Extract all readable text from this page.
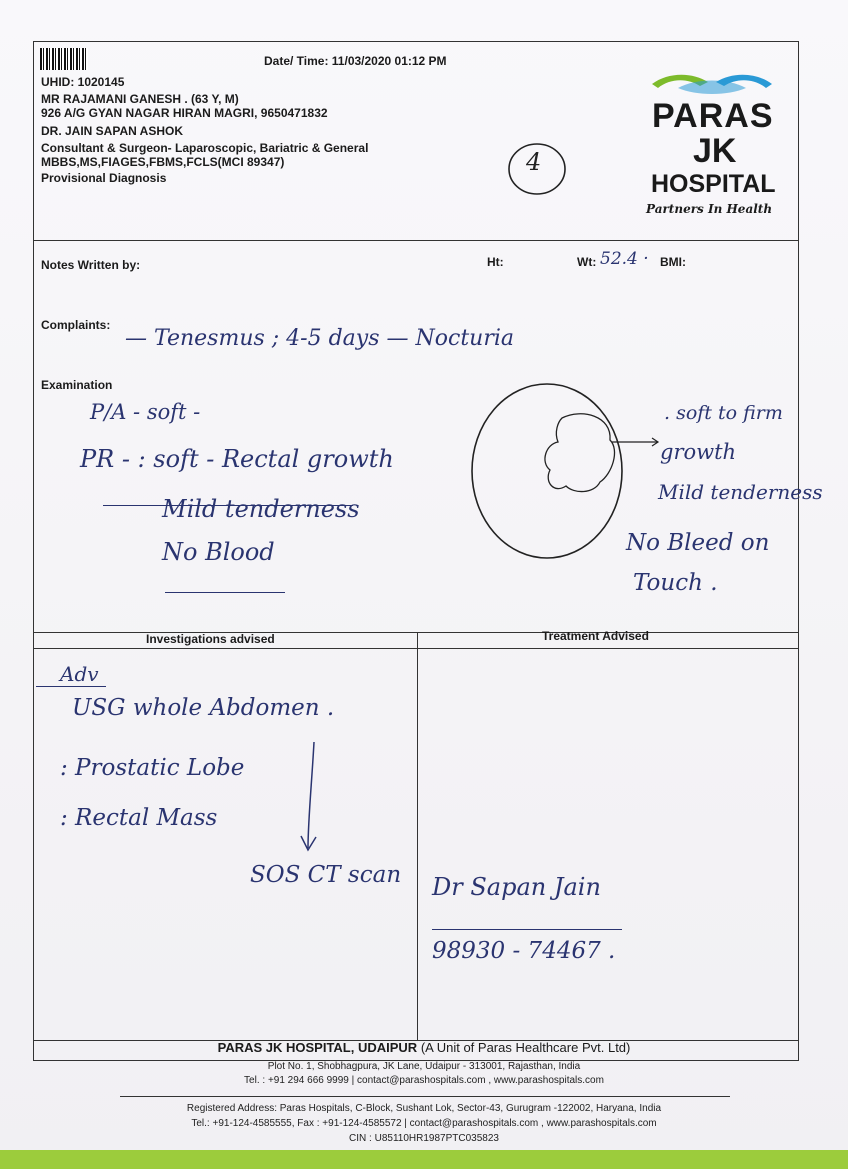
Date/ Time: 11/03/2020 01:12 PM
UHID: 1020145
MR RAJAMANI GANESH . (63 Y, M)
926 A/G GYAN NAGAR HIRAN MAGRI, 9650471832
DR. JAIN SAPAN ASHOK
Consultant & Surgeon- Laparoscopic, Bariatric & General
MBBS,MS,FIAGES,FBMS,FCLS(MCI 89347)
Provisional Diagnosis
4
PARAS
JK
HOSPITAL
Partners In Health
Notes Written by:	Ht:	Wt: 52.4 · BMI:
Complaints:
— Tenesmus ; 4-5 days — Nocturia
Examination
P/A - soft -
PR - : soft - Rectal growth
Mild tenderness
No Blood
. soft to firm
growth
Mild tenderness
No Bleed on
Touch .
Investigations advised	Treatment Advised
Adv
USG whole Abdomen .
: Prostatic Lobe
: Rectal Mass
SOS CT scan Dr Sapan Jain
98930 - 74467 .
PARAS JK HOSPITAL, UDAIPUR (A Unit of Paras Healthcare Pvt. Ltd)
Plot No. 1, Shobhagpura, JK Lane, Udaipur - 313001, Rajasthan, India
Tel. : +91 294 666 9999 | contact@parashospitals.com , www.parashospitals.com
Registered Address: Paras Hospitals, C-Block, Sushant Lok, Sector-43, Gurugram -122002, Haryana, India
Tel.: +91-124-4585555, Fax : +91-124-4585572 | contact@parashospitals.com , www.parashospitals.com
CIN : U85110HR1987PTC035823
